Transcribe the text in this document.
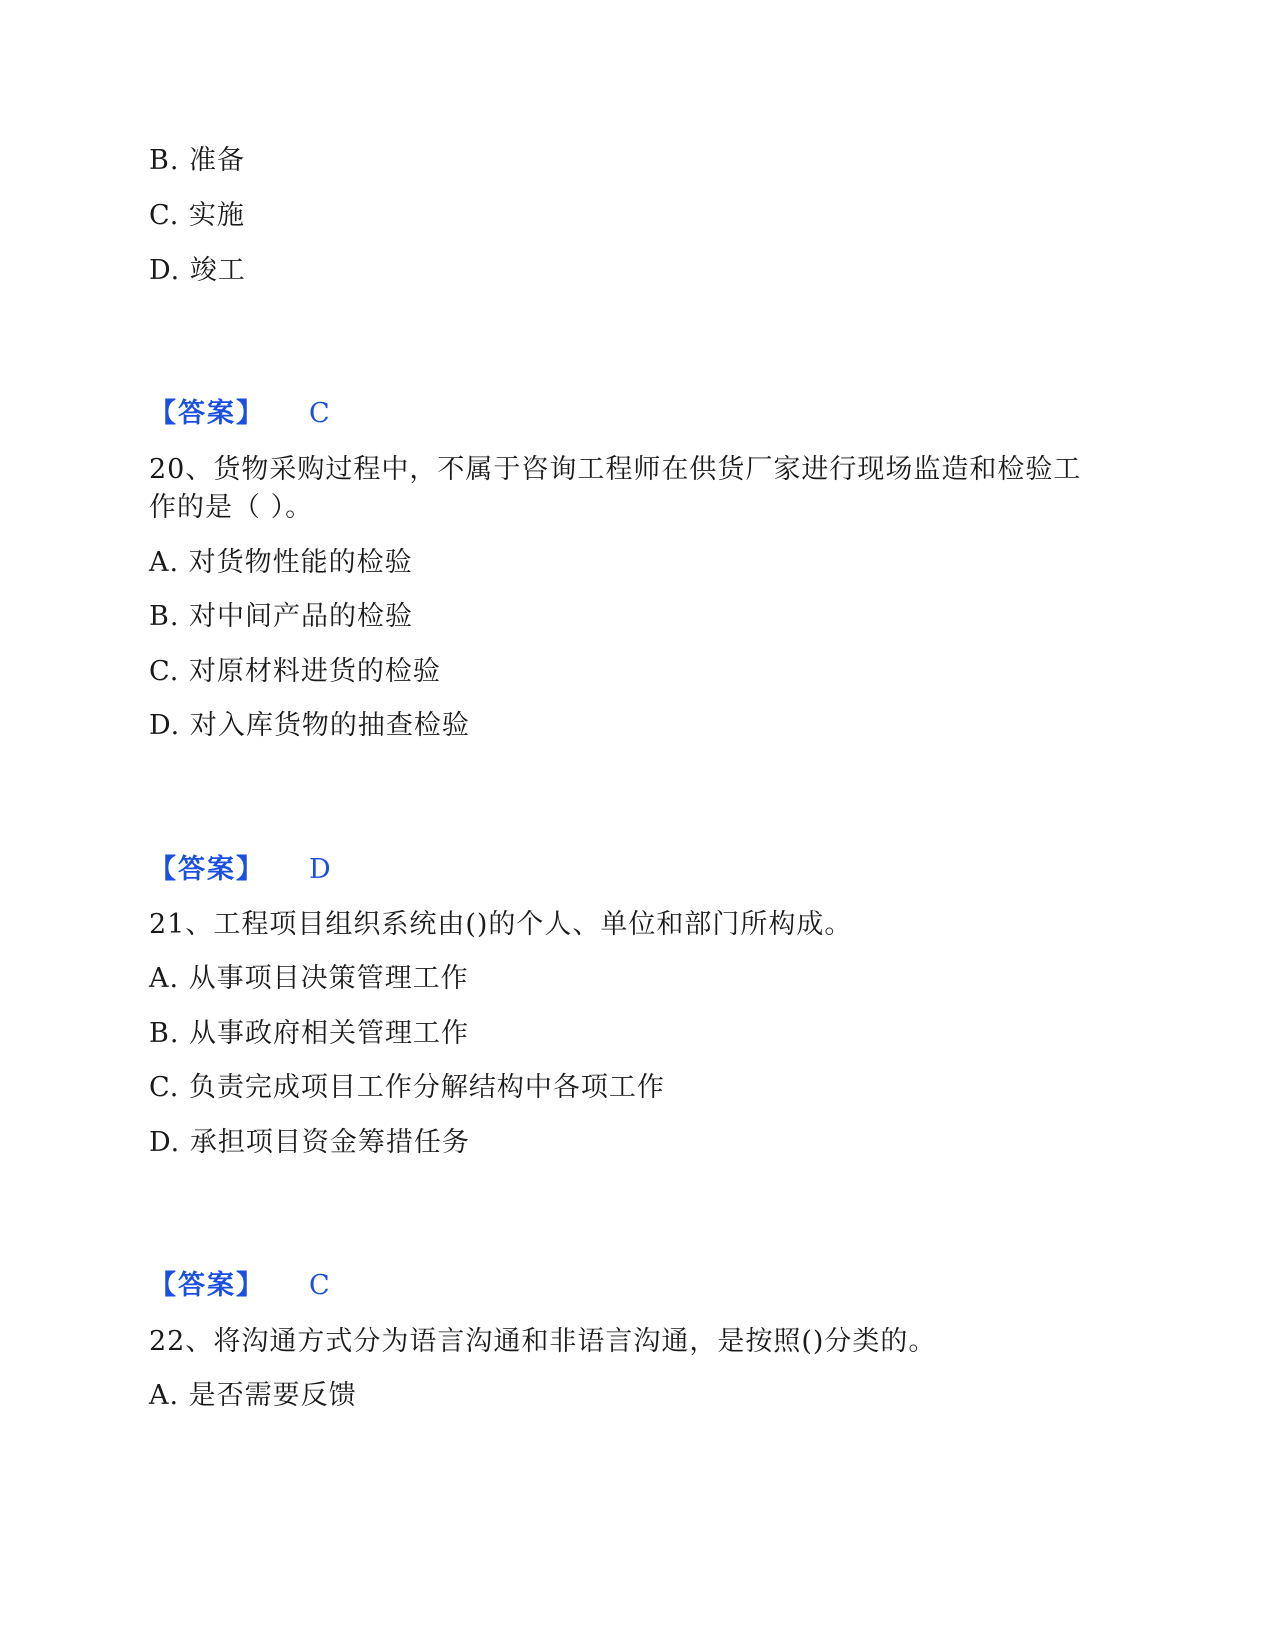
B. 准备
C. 实施
D. 竣工
【答案】 C
20、货物采购过程中，不属于咨询工程师在供货厂家进行现场监造和检验工
作的是（ ）。
A. 对货物性能的检验
B. 对中间产品的检验
C. 对原材料进货的检验
D. 对入库货物的抽查检验
【答案】 D
21、工程项目组织系统由()的个人、单位和部门所构成。
A. 从事项目决策管理工作
B. 从事政府相关管理工作
C. 负责完成项目工作分解结构中各项工作
D. 承担项目资金筹措任务
【答案】 C
22、将沟通方式分为语言沟通和非语言沟通，是按照()分类的。
A. 是否需要反馈
